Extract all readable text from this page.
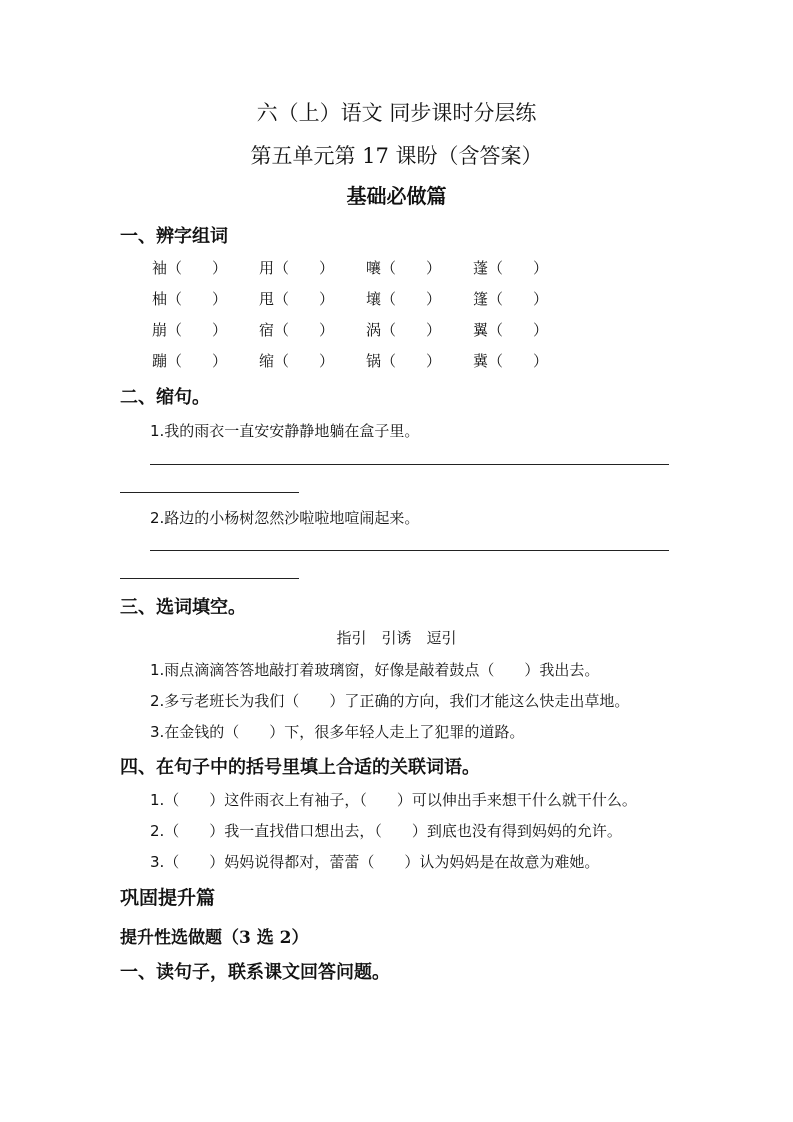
六（上）语文 同步课时分层练
第五单元第 17 课盼（含答案）
基础必做篇
一、辨字组词
袖（　　）	用（　　）	嚷（　　）	蓬（　　）
柚（　　）	甩（　　）	壤（　　）	篷（　　）
崩（　　）	宿（　　）	涡（　　）	翼（　　）
蹦（　　）	缩（　　）	锅（　　）	冀（　　）
二、缩句。
1.我的雨衣一直安安静静地躺在盒子里。
2.路边的小杨树忽然沙啦啦地喧闹起来。
三、选词填空。
指引　引诱　逗引
1.雨点滴滴答答地敲打着玻璃窗，好像是敲着鼓点（　　）我出去。
2.多亏老班长为我们（　　）了正确的方向，我们才能这么快走出草地。
3.在金钱的（　　）下，很多年轻人走上了犯罪的道路。
四、在句子中的括号里填上合适的关联词语。
1.（　　）这件雨衣上有袖子，（　　）可以伸出手来想干什么就干什么。
2.（　　）我一直找借口想出去，（　　）到底也没有得到妈妈的允许。
3.（　　）妈妈说得都对，蕾蕾（　　）认为妈妈是在故意为难她。
巩固提升篇
提升性选做题（3 选 2）
一、读句子，联系课文回答问题。
